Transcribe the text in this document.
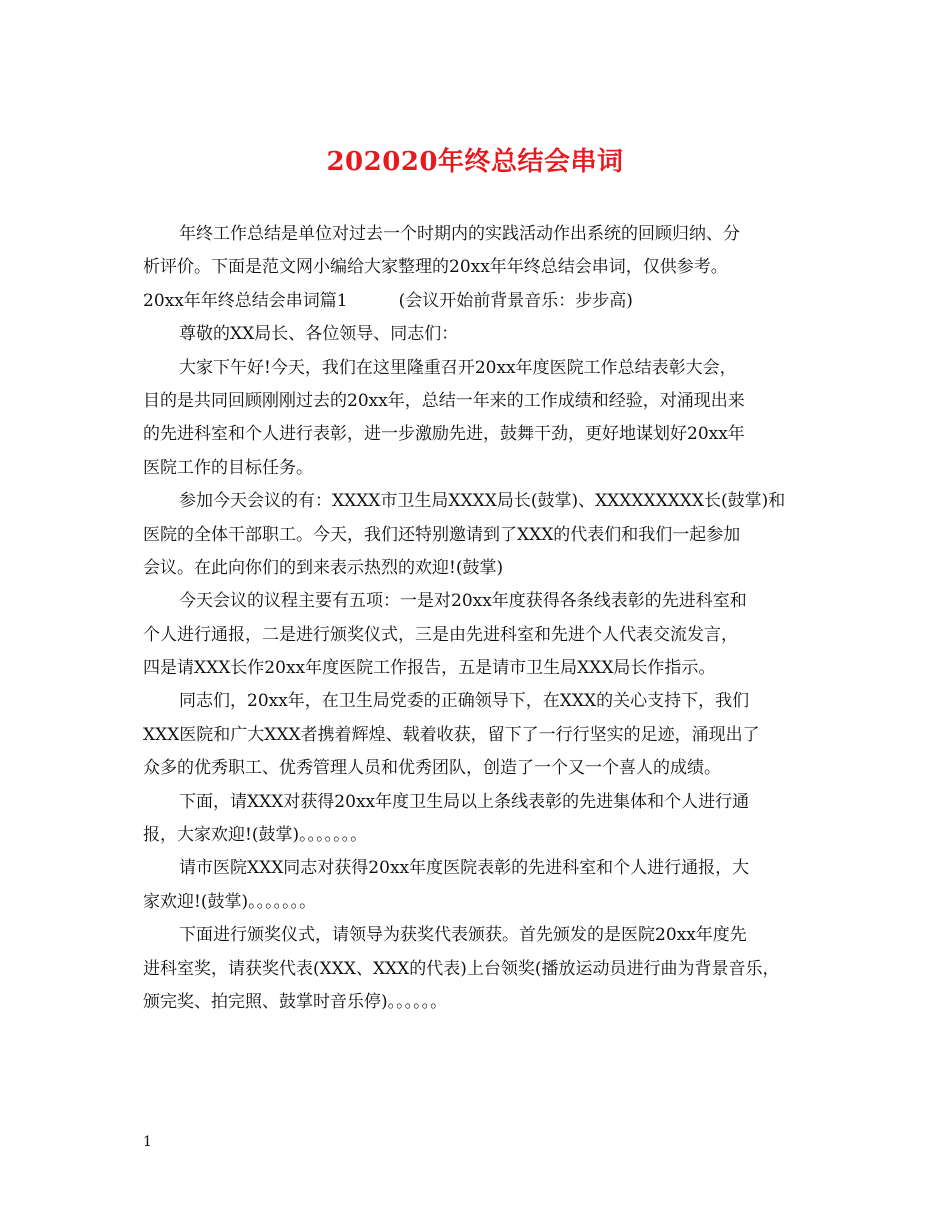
202020年终总结会串词
年终工作总结是单位对过去一个时期内的实践活动作出系统的回顾归纳、分
析评价。下面是范文网小编给大家整理的20xx年年终总结会串词，仅供参考。
20xx年年终总结会串词篇1　　　(会议开始前背景音乐：步步高)
尊敬的XX局长、各位领导、同志们：
大家下午好!今天，我们在这里隆重召开20xx年度医院工作总结表彰大会，
目的是共同回顾刚刚过去的20xx年，总结一年来的工作成绩和经验，对涌现出来
的先进科室和个人进行表彰，进一步激励先进，鼓舞干劲，更好地谋划好20xx年
医院工作的目标任务。
参加今天会议的有：XXXX市卫生局XXXX局长(鼓掌)、XXXXXXXXX长(鼓掌)和
医院的全体干部职工。今天，我们还特别邀请到了XXX的代表们和我们一起参加
会议。在此向你们的到来表示热烈的欢迎!(鼓掌)
今天会议的议程主要有五项：一是对20xx年度获得各条线表彰的先进科室和
个人进行通报，二是进行颁奖仪式，三是由先进科室和先进个人代表交流发言，
四是请XXX长作20xx年度医院工作报告，五是请市卫生局XXX局长作指示。
同志们，20xx年，在卫生局党委的正确领导下，在XXX的关心支持下，我们
XXX医院和广大XXX者携着辉煌、载着收获，留下了一行行坚实的足迹，涌现出了
众多的优秀职工、优秀管理人员和优秀团队，创造了一个又一个喜人的成绩。
下面，请XXX对获得20xx年度卫生局以上条线表彰的先进集体和个人进行通
报，大家欢迎!(鼓掌)。。。。。。。
请市医院XXX同志对获得20xx年度医院表彰的先进科室和个人进行通报，大
家欢迎!(鼓掌)。。。。。。。
下面进行颁奖仪式，请领导为获奖代表颁获。首先颁发的是医院20xx年度先
进科室奖，请获奖代表(XXX、XXX的代表)上台领奖(播放运动员进行曲为背景音乐，
颁完奖、拍完照、鼓掌时音乐停)。。。。。。
1
